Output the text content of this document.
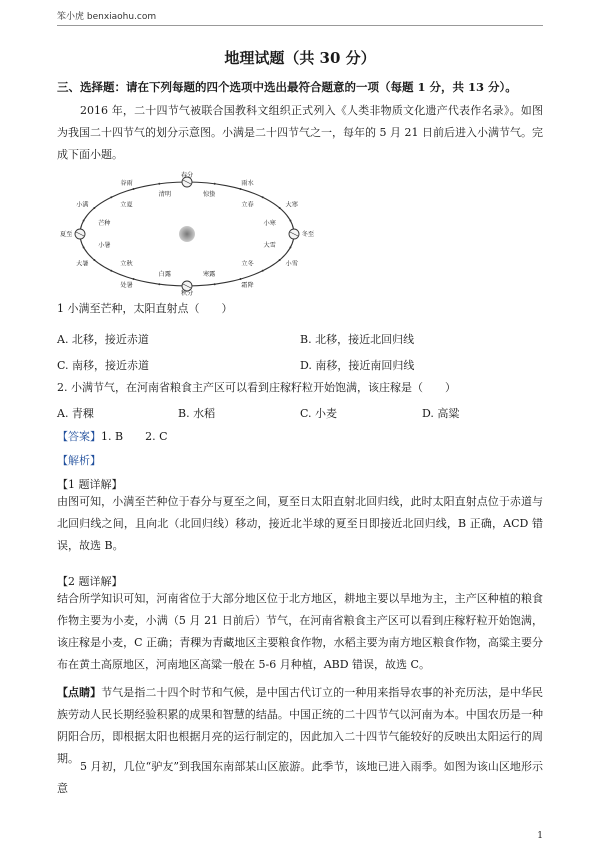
笨小虎 benxiaohu.com
地理试题（共 30 分）
三、选择题：请在下列每题的四个选项中选出最符合题意的一项（每题 1 分，共 13 分）。
2016 年，二十四节气被联合国教科文组织正式列入《人类非物质文化遗产代表作名录》。如图为我国二十四节气的划分示意图。小满是二十四节气之一，每年的 5 月 21 日前后进入小满节气。完成下面小题。
立夏
谷雨
清明
春分
惊蛰
雨水
立春	大寒
小寒
冬至
大雪
小雪
立冬
霜降
寒露
秋分
白露
处暑
立秋
大暑
小暑
夏至
芒种
小满
1 小满至芒种，太阳直射点（　　）
A. 北移，接近赤道	B. 北移，接近北回归线
C. 南移，接近赤道	D. 南移，接近南回归线
2. 小满节气，在河南省粮食主产区可以看到庄稼籽粒开始饱满，该庄稼是（　　）
A. 青稞	B. 水稻	C. 小麦	D. 高粱
【答案】1. B　　2. C
【解析】
【1 题详解】
由图可知，小满至芒种位于春分与夏至之间，夏至日太阳直射北回归线，此时太阳直射点位于赤道与北回归线之间，且向北（北回归线）移动，接近北半球的夏至日即接近北回归线，B 正确，ACD 错误，故选 B。
【2 题详解】
结合所学知识可知，河南省位于大部分地区位于北方地区，耕地主要以旱地为主，主产区种植的粮食作物主要为小麦，小满（5 月 21 日前后）节气，在河南省粮食主产区可以看到庄稼籽粒开始饱满，该庄稼是小麦，C 正确；青稞为青藏地区主要粮食作物，水稻主要为南方地区粮食作物，高粱主要分布在黄土高原地区，河南地区高粱一般在 5-6 月种植，ABD 错误，故选 C。
【点睛】节气是指二十四个时节和气候，是中国古代订立的一种用来指导农事的补充历法，是中华民族劳动人民长期经验积累的成果和智慧的结晶。中国正统的二十四节气以河南为本。中国农历是一种阴阳合历，即根据太阳也根据月亮的运行制定的，因此加入二十四节气能较好的反映出太阳运行的周期。
5 月初，几位“驴友”到我国东南部某山区旅游。此季节，该地已进入雨季。如图为该山区地形示意
1
